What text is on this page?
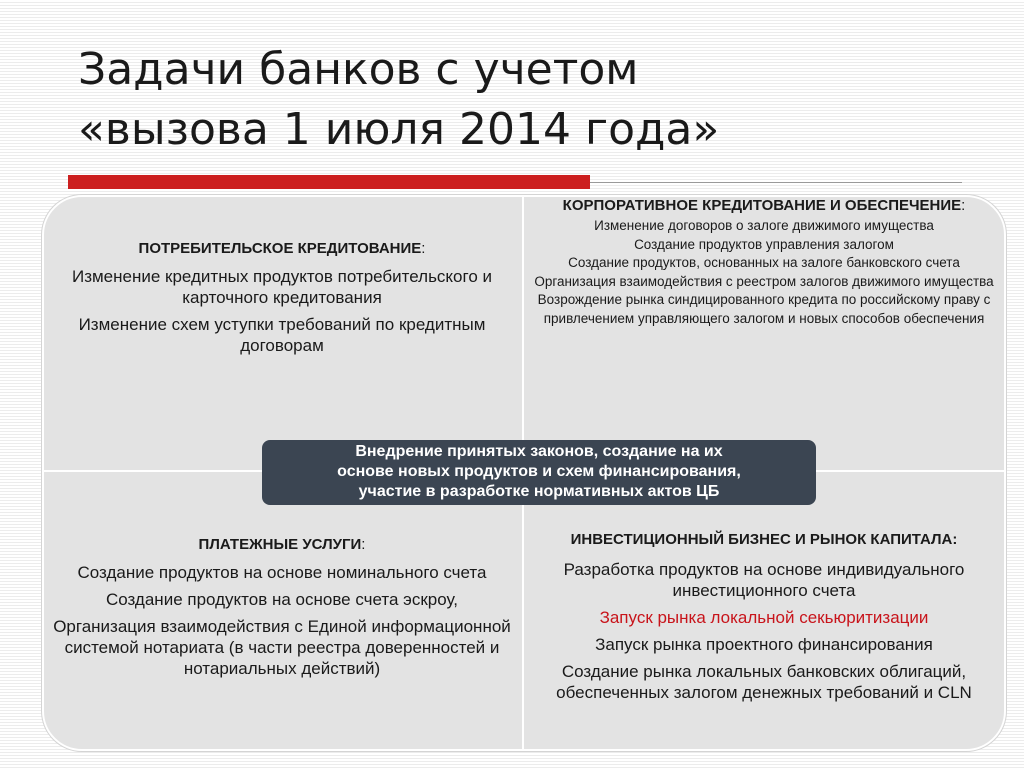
Задачи банков с учетом
«вызова 1 июля 2014 года»

ПОТРЕБИТЕЛЬСКОЕ КРЕДИТОВАНИЕ:

Изменение кредитных продуктов потребительского и карточного кредитования

Изменение схем уступки требований по кредитным договорам

КОРПОРАТИВНОЕ КРЕДИТОВАНИЕ И ОБЕСПЕЧЕНИЕ:

Изменение договоров о залоге движимого имущества

Создание продуктов управления залогом

Создание продуктов, основанных на залоге банковского счета

Организация взаимодействия с реестром залогов движимого имущества

Возрождение рынка синдицированного кредита по российскому праву с привлечением управляющего залогом и новых способов обеспечения

ПЛАТЕЖНЫЕ УСЛУГИ:

Создание продуктов на основе номинального счета

Создание продуктов на основе счета эскроу,

Организация взаимодействия с Единой информационной системой нотариата (в части реестра доверенностей и нотариальных действий)

ИНВЕСТИЦИОННЫЙ БИЗНЕС И РЫНОК КАПИТАЛА:

Разработка продуктов на основе индивидуального инвестиционного счета

Запуск рынка локальной секьюритизации

Запуск рынка проектного финансирования

Создание рынка локальных банковских облигаций, обеспеченных залогом денежных требований и CLN

Внедрение принятых законов, создание на их
основе новых продуктов и схем финансирования,
участие в разработке нормативных актов ЦБ
